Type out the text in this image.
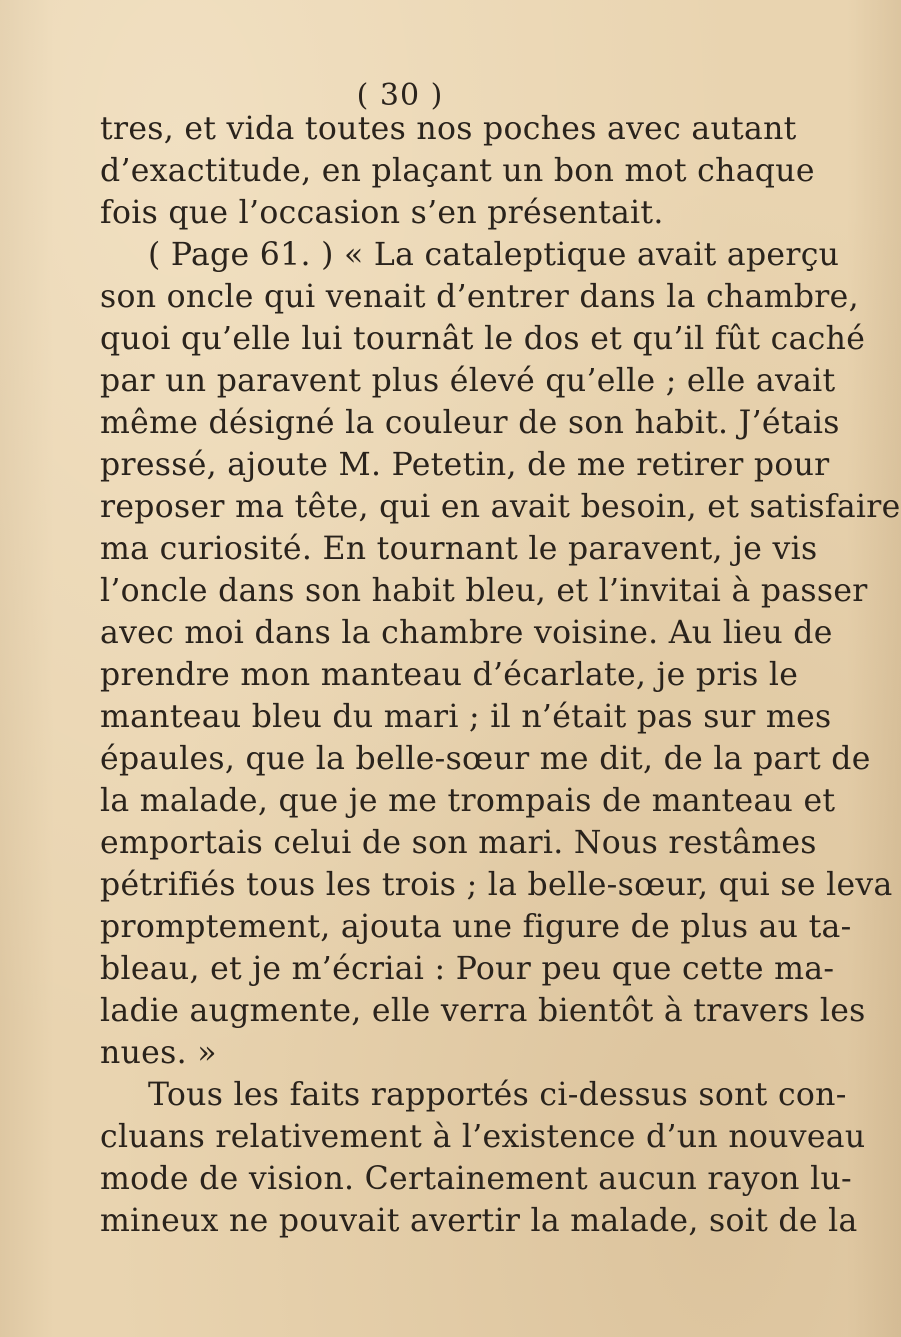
( 30 )
tres, et vida toutes nos poches avec autant
d’exactitude, en plaçant un bon mot chaque
fois que l’occasion s’en présentait.
( Page 61. ) « La cataleptique avait aperçu
son oncle qui venait d’entrer dans la chambre,
quoi qu’elle lui tournât le dos et qu’il fût caché
par un paravent plus élevé qu’elle ; elle avait
même désigné la couleur de son habit. J’étais
pressé, ajoute M. Petetin, de me retirer pour
reposer ma tête, qui en avait besoin, et satisfaire
ma curiosité. En tournant le paravent, je vis
l’oncle dans son habit bleu, et l’invitai à passer
avec moi dans la chambre voisine. Au lieu de
prendre mon manteau d’écarlate, je pris le
manteau bleu du mari ; il n’était pas sur mes
épaules, que la belle-sœur me dit, de la part de
la malade, que je me trompais de manteau et
emportais celui de son mari. Nous restâmes
pétrifiés tous les trois ; la belle-sœur, qui se leva
promptement, ajouta une figure de plus au ta-
bleau, et je m’écriai : Pour peu que cette ma-
ladie augmente, elle verra bientôt à travers les
nues. »
Tous les faits rapportés ci-dessus sont con-
cluans relativement à l’existence d’un nouveau
mode de vision. Certainement aucun rayon lu-
mineux ne pouvait avertir la malade, soit de la
